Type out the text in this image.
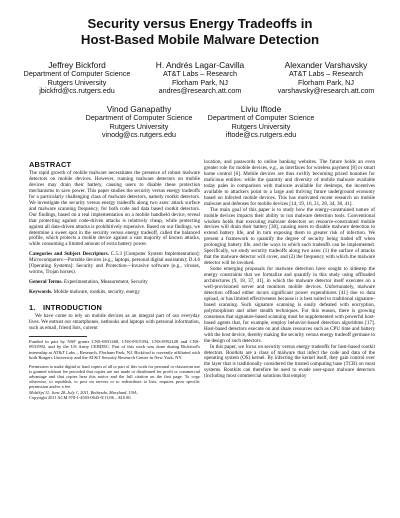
Security versus Energy Tradeoffs in
Host-Based Mobile Malware Detection
Jeffrey Bickford
Department of Computer Science
Rutgers University
jbickfrd@cs.rutgers.edu
H. Andrés Lagar-Cavilla
AT&T Labs – Research
Florham Park, NJ
andres@research.att.com
Alexander Varshavsky
AT&T Labs – Research
Florham Park, NJ
varshavsky@research.att.com
Vinod Ganapathy
Department of Computer Science
Rutgers University
vinodg@cs.rutgers.edu
Liviu Iftode
Department of Computer Science
Rutgers University
iftode@cs.rutgers.edu
ABSTRACT

The rapid growth of mobile malware necessitates the presence of robust malware detectors on mobile devices. However, running malware detectors on mobile devices may drain their battery, causing users to disable these protection mechanisms to save power. This paper studies the security versus energy tradeoffs for a particularly challenging class of malware detectors, namely rootkit detectors. We investigate the security versus energy tradeoffs along two axes: attack surface and malware scanning frequency, for both code and data based rootkit detectors. Our findings, based on a real implementation on a mobile handheld device, reveal that protecting against code-driven attacks is relatively cheap, while protecting against all data-driven attacks is prohibitively expensive. Based on our findings, we determine a sweet spot in the security versus energy tradeoff, called the balanced profile, which protects a mobile device against a vast majority of known attacks, while consuming a limited amount of extra battery power.

Categories and Subject Descriptors. C.5.3 [Computer System Implementation]: Microcomputers—Portable devices (e.g., laptops, personal digital assistants); D.4.6 [Operating Systems]: Security and Protection—Invasive software (e.g., viruses, worms, Trojan horses).

General Terms. Experimentation, Measurement, Security

Keywords. Mobile malware, rootkits, security, energy

1. INTRODUCTION

We have come to rely on mobile devices as an integral part of our everyday lives. We entrust our smartphones, netbooks and laptops with personal information, such as email, friend lists, current

Funded in part by NSF grants CNS-0831268, CNS-0915394, CNS-0952128 and CNS-0931992, and by the US Army CERDEC. Part of this work was done during Bickford's internship at AT&T Labs – Research, Florham Park, NJ. Bickford is currently affiliated with both Rutgers University and the AT&T Security Research Center in New York, NY.
Permission to make digital or hard copies of all or part of this work for personal or classroom use is granted without fee provided that copies are not made or distributed for profit or commercial advantage and that copies bear this notice and the full citation on the first page. To copy otherwise, to republish, to post on servers or to redistribute to lists, requires prior specific permission and/or a fee.
MobiSys'11, June 28–July 1, 2011, Bethesda, Maryland, USA.
Copyright 2011 ACM 978-1-4503-0643-0/11/06 ...$10.00.

location, and passwords to online banking websites. The future holds an even greater role for mobile devices, e.g., as interfaces for wireless payment [8] or smart home control [6]. Mobile devices are thus swiftly becoming prized bounties for malicious entities: while the quantity and diversity of mobile malware available today pales in comparison with malware available for desktops, the incentives available to attackers point to a large and thriving future underground economy based on infected mobile devices. This has motivated recent research on mobile malware and defenses for mobile devices [14, 19, 16, 21, 28, 34, 38, 41].

The main goal of this paper is to study how the energy-constrained nature of mobile devices impacts their ability to run malware detection tools. Conventional wisdom holds that executing malware detectors on resource-constrained mobile devices will drain their battery [38], causing users to disable malware detection to extend battery life, and in turn exposing them to greater risk of infection. We present a framework to quantify the degree of security being traded off when prolonging battery life, and the ways in which such tradeoffs can be implemented. Specifically, we study security tradeoffs along two axes: (1) the surface of attacks that the malware detector will cover, and (2) the frequency with which the malware detector will be invoked.

Some emerging proposals for malware detection have sought to sidestep the energy constraints that we formalize and quantify in this study using offloaded architectures [9, 18, 37, 41], in which the malware detector itself executes on a well-provisioned server and monitors mobile devices. Unfortunately, malware detection offload either incurs significant power expenditures [41] due to data upload, or has limited effectiveness because it is best suited to traditional signature-based scanning. Such signature scanning is easily defeated with encryption, polymorphism and other stealth techniques. For this reason, there is growing consensus that signature-based scanning must be supplemented with powerful host-based agents that, for example, employ behavior-based detection algorithms [17]. Host-based detectors execute on and share resources such as CPU time and battery with the host device, thereby making the security versus energy tradeoff germane to the design of such detectors.

In this paper, we focus on security versus energy tradeoffs for host-based rootkit detectors. Rootkits are a class of malware that infect the code and data of the operating system (OS) kernel. By infecting the kernel itself, they gain control over the layer that is traditionally considered the trusted computing base (TCB) on most systems. Rootkits can therefore be used to evade user-space malware detectors (including most commercial solutions that employ
